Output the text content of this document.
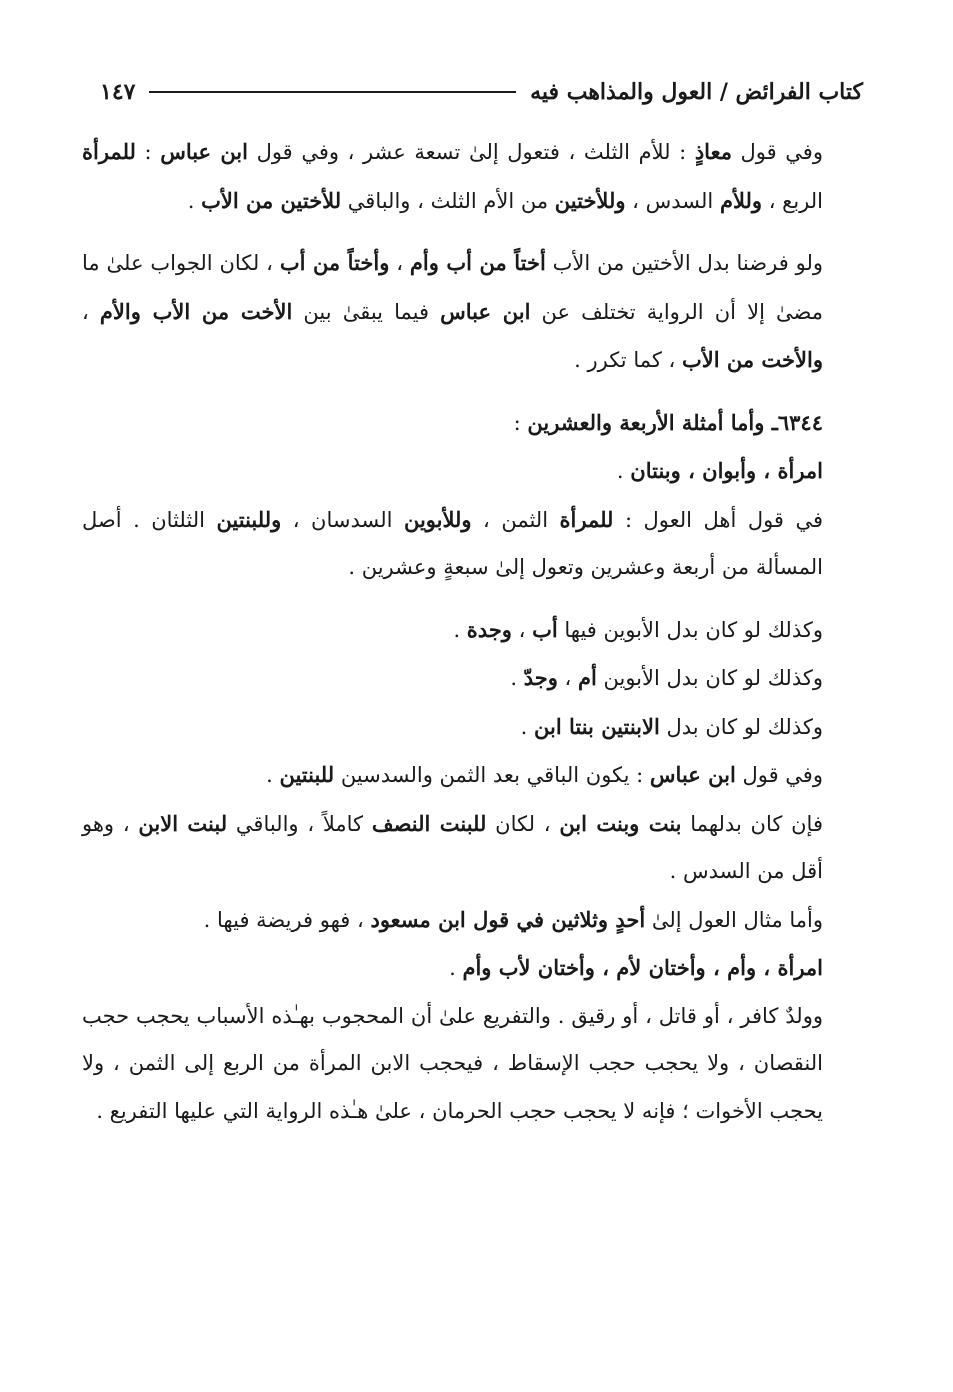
كتاب الفرائض / العول والمذاهب فيه
١٤٧

وفي قول معاذٍ : للأم الثلث ، فتعول إلىٰ تسعة عشر ، وفي قول ابن عباس : للمرأة الربع ، وللأم السدس ، وللأختين من الأم الثلث ، والباقي للأختين من الأب .

ولو فرضنا بدل الأختين من الأب أختاً من أب وأم ، وأختاً من أب ، لكان الجواب علىٰ ما مضىٰ إلا أن الرواية تختلف عن ابن عباس فيما يبقىٰ بين الأخت من الأب والأم ، والأخت من الأب ، كما تكرر .

٦٣٤٤ـ وأما أمثلة الأربعة والعشرين :

امرأة ، وأبوان ، وبنتان .

في قول أهل العول : للمرأة الثمن ، وللأبوين السدسان ، وللبنتين الثلثان . أصل المسألة من أربعة وعشرين وتعول إلىٰ سبعةٍ وعشرين .

وكذلك لو كان بدل الأبوين فيها أب ، وجدة .

وكذلك لو كان بدل الأبوين أم ، وجدّ .

وكذلك لو كان بدل الابنتين بنتا ابن .

وفي قول ابن عباس : يكون الباقي بعد الثمن والسدسين للبنتين .

فإن كان بدلهما بنت وبنت ابن ، لكان للبنت النصف كاملاً ، والباقي لبنت الابن ، وهو أقل من السدس .

وأما مثال العول إلىٰ أحدٍ وثلاثين في قول ابن مسعود ، فهو فريضة فيها .

امرأة ، وأم ، وأختان لأم ، وأختان لأب وأم .

وولدٌ كافر ، أو قاتل ، أو رقيق . والتفريع علىٰ أن المحجوب بهـٰذه الأسباب يحجب حجب النقصان ، ولا يحجب حجب الإسقاط ، فيحجب الابن المرأة من الربع إلى الثمن ، ولا يحجب الأخوات ؛ فإنه لا يحجب حجب الحرمان ، علىٰ هـٰذه الرواية التي عليها التفريع .
